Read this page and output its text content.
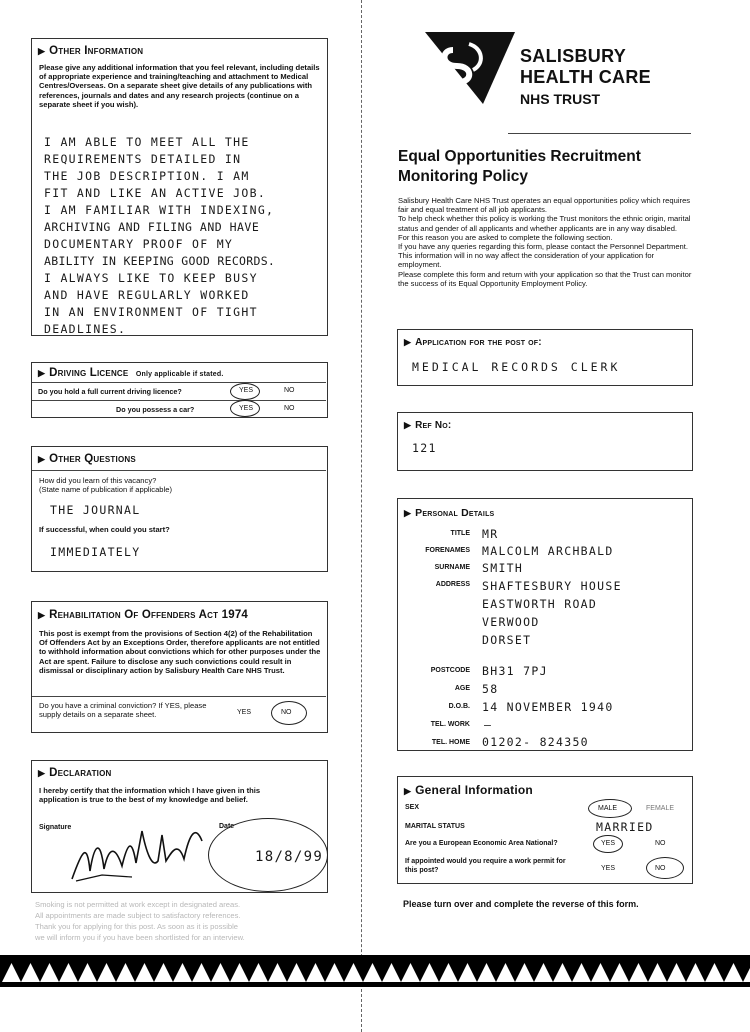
▶ Other Information
Please give any additional information that you feel relevant, including details of appropriate experience and training/teaching and attachment to Medical Centres/Overseas. On a separate sheet give details of any publications with references, journals and dates and any research projects (continue on a separate sheet if you wish).
I AM ABLE TO MEET ALL THE
REQUIREMENTS DETAILED IN
THE JOB DESCRIPTION. I AM
FIT AND LIKE AN ACTIVE JOB.
I AM FAMILIAR WITH INDEXING,
ARCHIVING AND FILING AND HAVE
DOCUMENTARY PROOF OF MY
ABILITY IN KEEPING GOOD RECORDS.
I ALWAYS LIKE TO KEEP BUSY
AND HAVE REGULARLY WORKED
IN AN ENVIRONMENT OF TIGHT
DEADLINES.
▶ Driving Licence Only applicable if stated.
Do you hold a full current driving licence?	YES	NO
Do you possess a car?	YES	NO
▶ Other Questions
How did you learn of this vacancy?
(State name of publication if applicable)
THE JOURNAL
If successful, when could you start?
IMMEDIATELY
▶ Rehabilitation Of Offenders Act 1974
This post is exempt from the provisions of Section 4(2) of the Rehabilitation Of Offenders Act by an Exceptions Order, therefore applicants are not entitled to withhold information about convictions which for other purposes under the Act are spent. Failure to disclose any such convictions could result in dismissal or disciplinary action by Salisbury Health Care NHS Trust.
Do you have a criminal conviction? If YES, please supply details on a separate sheet.	YES	NO
▶ Declaration
I hereby certify that the information which I have given in this application is true to the best of my knowledge and belief.
Signature	Date
18/8/99
Smoking is not permitted at work except in designated areas.
All appointments are made subject to satisfactory references.
Thank you for applying for this post. As soon as it is possible
we will inform you if you have been shortlisted for an interview.
SALISBURY
HEALTH CARE
NHS TRUST
Equal Opportunities Recruitment
Monitoring Policy
Salisbury Health Care NHS Trust operates an equal opportunities policy which requires fair and equal treatment of all job applicants.
To help check whether this policy is working the Trust monitors the ethnic origin, marital status and gender of all applicants and whether applicants are in any way disabled.
For this reason you are asked to complete the following section.
If you have any queries regarding this form, please contact the Personnel Department.
This information will in no way affect the consideration of your application for employment.
Please complete this form and return with your application so that the Trust can monitor the success of its Equal Opportunity Employment Policy.
▶ Application for the post of:
MEDICAL RECORDS CLERK
▶ Ref No:
121
▶ Personal Details
TITLE MR
FORENAMES MALCOLM ARCHBALD
SURNAME SMITH
ADDRESS SHAFTESBURY HOUSE
EASTWORTH ROAD
VERWOOD
DORSET
POSTCODE BH31 7PJ
AGE 58
D.O.B. 14 NOVEMBER 1940
TEL. WORK —
TEL. HOME 01202- 824350
▶ General Information
SEX	MALE	FEMALE
MARITAL STATUS	MARRIED
Are you a European Economic Area National?	YES	NO
If appointed would you require a work permit for this post?	YES	NO
Please turn over and complete the reverse of this form.
